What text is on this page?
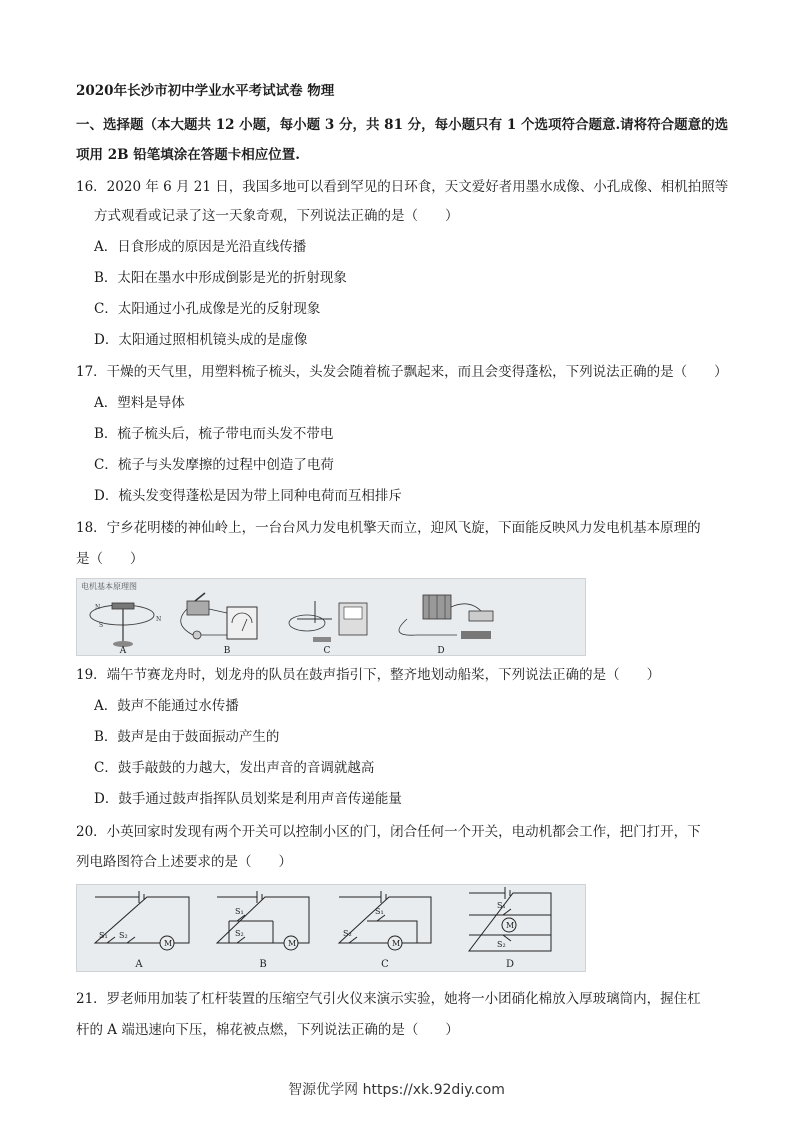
2020年长沙市初中学业水平考试试卷 物理
一、选择题（本大题共 12 小题，每小题 3 分，共 81 分，每小题只有 1 个选项符合题意.请将符合题意的选
项用 2B 铅笔填涂在答题卡相应位置.
16．2020 年 6 月 21 日，我国多地可以看到罕见的日环食，天文爱好者用墨水成像、小孔成像、相机拍照等
方式观看或记录了这一天象奇观，下列说法正确的是（　　）
A．日食形成的原因是光沿直线传播
B．太阳在墨水中形成倒影是光的折射现象
C．太阳通过小孔成像是光的反射现象
D．太阳通过照相机镜头成的是虚像
17．干燥的天气里，用塑料梳子梳头，头发会随着梳子飘起来，而且会变得蓬松，下列说法正确的是（　　）
A．塑料是导体
B．梳子梳头后，梳子带电而头发不带电
C．梳子与头发摩擦的过程中创造了电荷
D．梳头发变得蓬松是因为带上同种电荷而互相排斥
18．宁乡花明楼的神仙岭上，一台台风力发电机擎天而立，迎风飞旋，下面能反映风力发电机基本原理的
是（　　）
电机基本原理图
N
S
N
A	B	C	D
19．端午节赛龙舟时，划龙舟的队员在鼓声指引下，整齐地划动船桨，下列说法正确的是（　　）
A．鼓声不能通过水传播
B．鼓声是由于鼓面振动产生的
C．鼓手敲鼓的力越大，发出声音的音调就越高
D．鼓手通过鼓声指挥队员划桨是利用声音传递能量
20．小英回家时发现有两个开关可以控制小区的门，闭合任何一个开关，电动机都会工作，把门打开，下
列电路图符合上述要求的是（　　）
S₁ S₂
M
S₁
S₂
M
S₁
S₂
M
S₁
S₂
M
A	B	C	D
21．罗老师用加装了杠杆装置的压缩空气引火仪来演示实验，她将一小团硝化棉放入厚玻璃筒内，握住杠
杆的 A 端迅速向下压，棉花被点燃，下列说法正确的是（　　）
智源优学网 https://xk.92diy.com
